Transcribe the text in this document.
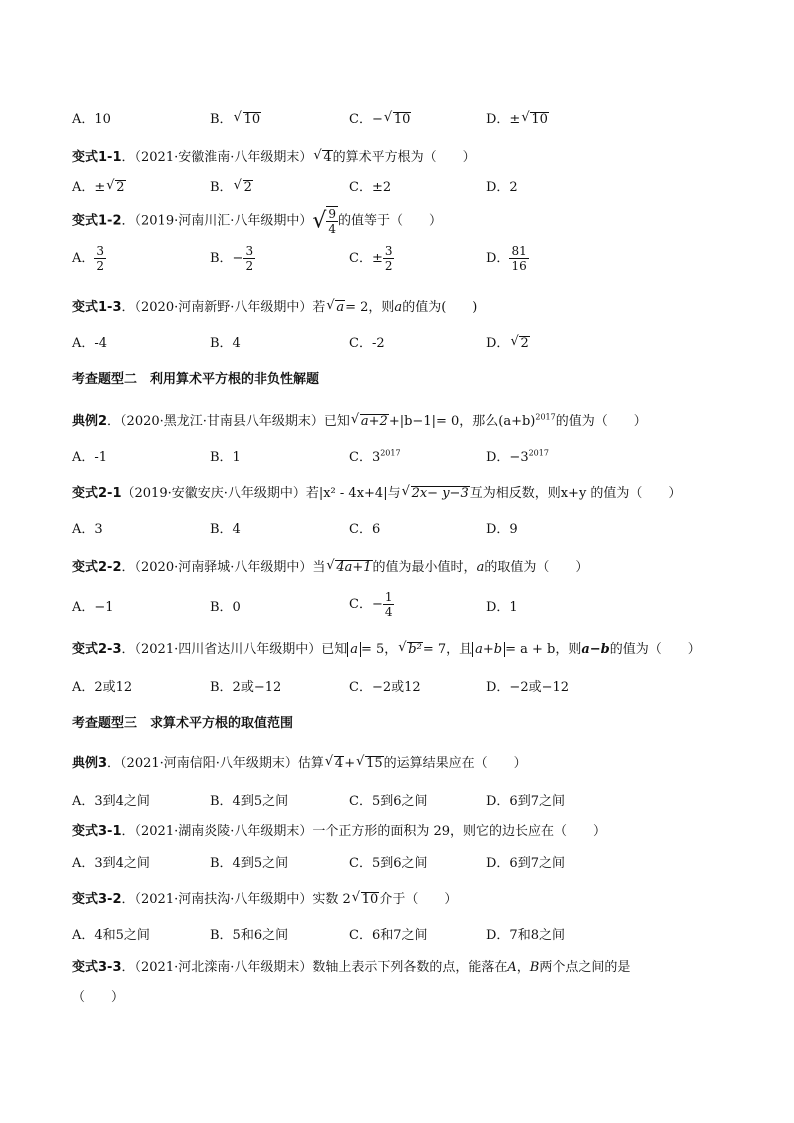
A．10	B． √ 10	C．− √ 10	D．± √ 10
变式1-1．（2021·安徽淮南·八年级期末） √ 4的算术平方根为（　　）
A．± √ 2	B． √ 2	C．±2	D．2
变式1-2．（2019·河南川汇·八年级期中）√ $\frac{9}{4}$ 的值等于（　　）
A． $\frac{3}{2}$	B．− $\frac{3}{2}$	C．± $\frac{3}{2}$	D． $\frac{81}{16}$
变式1-3．（2020·河南新野·八年级期中）若 √ a= 2，则a的值为(　　)
A．-4	B．4	C．-2	D． √ 2
考查题型二　利用算术平方根的非负性解题
典例2．（2020·黑龙江·甘南县八年级期末）已知 √ a+2+|b−1|= 0，那么$(a+b)^{2017}$的值为（　　）
A．-1	B．1	C．$3^{2017}$	D．$-3^{2017}$
变式2-1（2019·安徽安庆·八年级期中）若|x² - 4x+4|与 √ 2x− y−3互为相反数，则x+y 的值为（　　）
A．3	B．4	C．6	D．9
变式2-2．（2020·河南驿城·八年级期中）当 √ 4a+1的值为最小值时，a的取值为（　　）
A．−1	B．0	C．− $\frac{1}{4}$	D．1
变式2-3．（2021·四川省达川八年级期中）已知 a = 5， √ b²= 7，且 a+b = a + b，则a−b的值为（　　）
A．2或12	B．2或−12	C．−2或12	D．−2或−12
考查题型三　求算术平方根的取值范围
典例3．（2021·河南信阳·八年级期末）估算 √ 4+ √ 15的运算结果应在（　　）
A．3到4之间	B．4到5之间	C．5到6之间	D．6到7之间
变式3-1．（2021·湖南炎陵·八年级期末）一个正方形的面积为 29，则它的边长应在（　　）
A．3到4之间	B．4到5之间	C．5到6之间	D．6到7之间
变式3-2．（2021·河南扶沟·八年级期中）实数 2 √ 10介于（　　）
A．4和5之间	B．5和6之间	C．6和7之间	D．7和8之间
变式3-3．（2021·河北滦南·八年级期末）数轴上表示下列各数的点，能落在A，B两个点之间的是
（　　）
